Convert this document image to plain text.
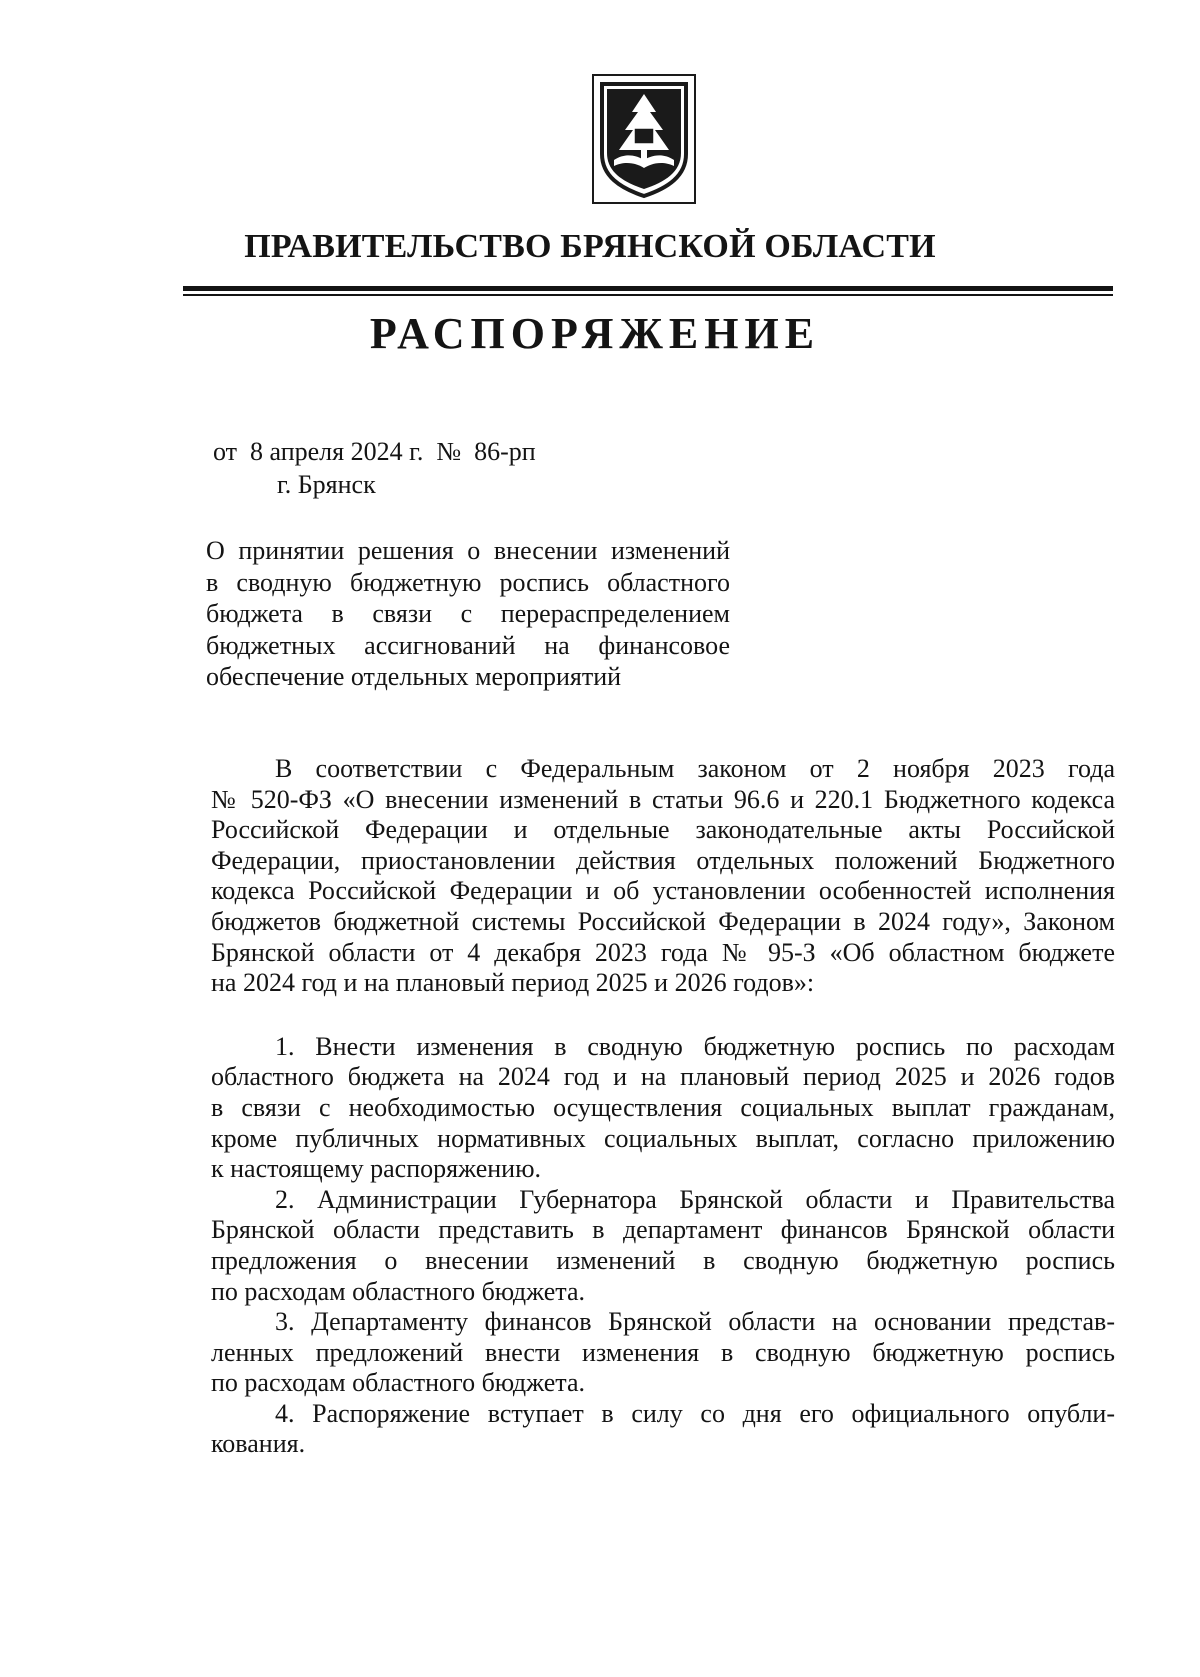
ПРАВИТЕЛЬСТВО БРЯНСКОЙ ОБЛАСТИ
РАСПОРЯЖЕНИЕ
от  8 апреля 2024 г.  №  86-рп
г. Брянск
О принятии решения о внесении изменений
в сводную бюджетную роспись областного
бюджета в связи с перераспределением
бюджетных ассигнований на финансовое
обеспечение отдельных мероприятий
В соответствии с Федеральным законом от 2 ноября 2023 года
№ 520-ФЗ «О внесении изменений в статьи 96.6 и 220.1 Бюджетного кодекса
Российской Федерации и отдельные законодательные акты Российской
Федерации, приостановлении действия отдельных положений Бюджетного
кодекса Российской Федерации и об установлении особенностей исполнения
бюджетов бюджетной системы Российской Федерации в 2024 году», Законом
Брянской области от 4 декабря 2023 года № 95-З «Об областном бюджете
на 2024 год и на плановый период 2025 и 2026 годов»:
1. Внести изменения в сводную бюджетную роспись по расходам
областного бюджета на 2024 год и на плановый период 2025 и 2026 годов
в связи с необходимостью осуществления социальных выплат гражданам,
кроме публичных нормативных социальных выплат, согласно приложению
к настоящему распоряжению.
2. Администрации Губернатора Брянской области и Правительства
Брянской области представить в департамент финансов Брянской области
предложения о внесении изменений в сводную бюджетную роспись
по расходам областного бюджета.
3. Департаменту финансов Брянской области на основании представ-
ленных предложений внести изменения в сводную бюджетную роспись
по расходам областного бюджета.
4. Распоряжение вступает в силу со дня его официального опубли-
кования.
